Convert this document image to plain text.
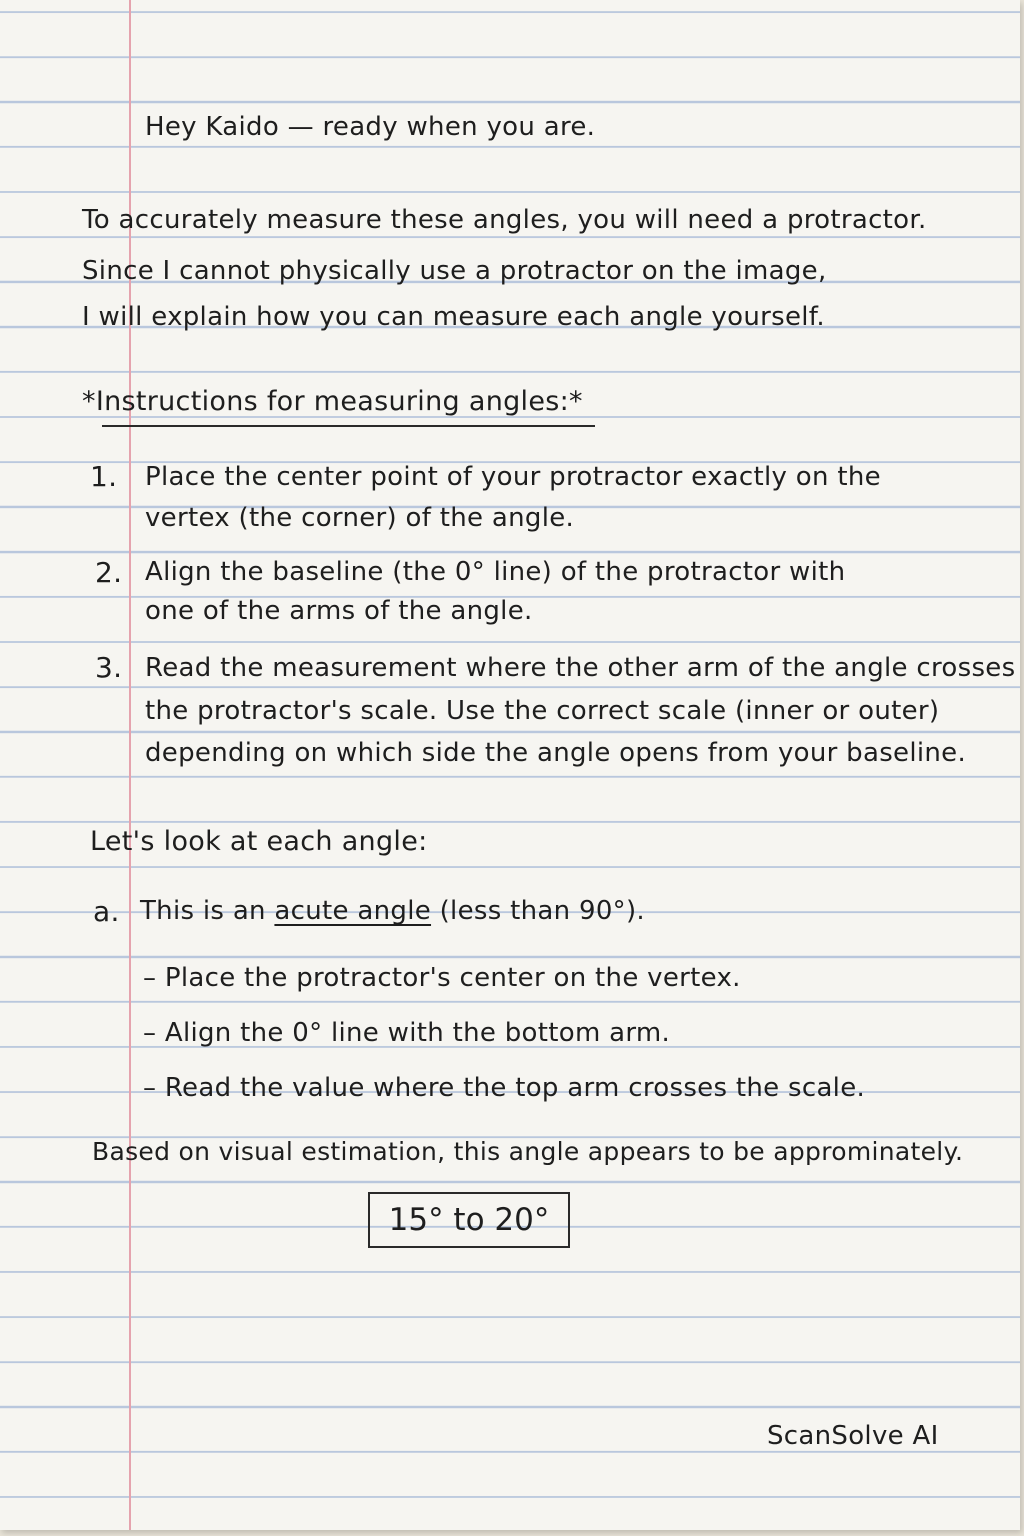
Hey Kaido — ready when you are.
To accurately measure these angles, you will need a protractor.
Since I cannot physically use a protractor on the image,
I will explain how you can measure each angle yourself.
*Instructions for measuring angles:*
1. Place the center point of your protractor exactly on the
vertex (the corner) of the angle.
2. Align the baseline (the 0° line) of the protractor with
one of the arms of the angle.
3. Read the measurement where the other arm of the angle crosses
the protractor's scale. Use the correct scale (inner or outer)
depending on which side the angle opens from your baseline.
Let's look at each angle:
a. This is an acute angle (less than 90°).
– Place the protractor's center on the vertex.
– Align the 0° line with the bottom arm.
– Read the value where the top arm crosses the scale.
Based on visual estimation, this angle appears to be appr​ominately.
15° to 20°
ScanSolve AI
